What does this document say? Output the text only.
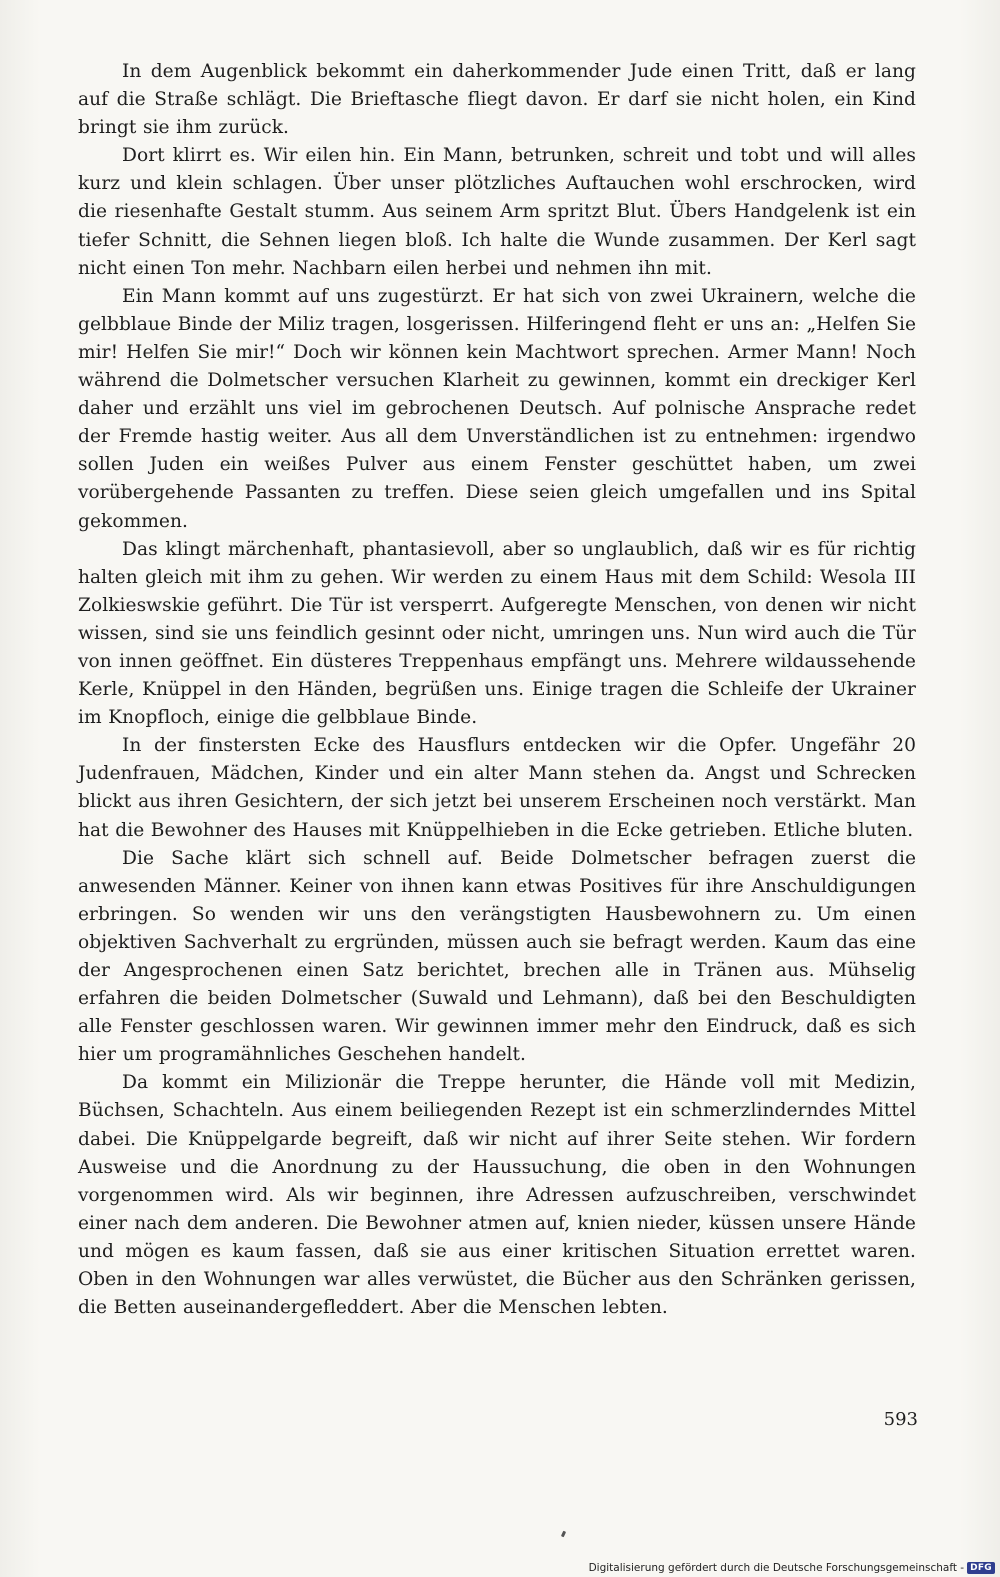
In dem Augenblick bekommt ein daherkommender Jude einen Tritt, daß er lang auf die Straße schlägt. Die Brieftasche fliegt davon. Er darf sie nicht holen, ein Kind bringt sie ihm zurück.

Dort klirrt es. Wir eilen hin. Ein Mann, betrunken, schreit und tobt und will alles kurz und klein schlagen. Über unser plötzliches Auftauchen wohl erschrocken, wird die riesenhafte Gestalt stumm. Aus seinem Arm spritzt Blut. Übers Handgelenk ist ein tiefer Schnitt, die Sehnen liegen bloß. Ich halte die Wunde zusammen. Der Kerl sagt nicht einen Ton mehr. Nachbarn eilen herbei und nehmen ihn mit.

Ein Mann kommt auf uns zugestürzt. Er hat sich von zwei Ukrainern, welche die gelbblaue Binde der Miliz tragen, losgerissen. Hilferingend fleht er uns an: „Helfen Sie mir! Helfen Sie mir!“ Doch wir können kein Machtwort sprechen. Armer Mann! Noch während die Dolmetscher versuchen Klarheit zu gewinnen, kommt ein dreckiger Kerl daher und erzählt uns viel im gebrochenen Deutsch. Auf polnische Ansprache redet der Fremde hastig weiter. Aus all dem Unverständlichen ist zu entnehmen: irgendwo sollen Juden ein weißes Pulver aus einem Fenster geschüttet haben, um zwei vorübergehende Passanten zu treffen. Diese seien gleich umgefallen und ins Spital gekommen.

Das klingt märchenhaft, phantasievoll, aber so unglaublich, daß wir es für richtig halten gleich mit ihm zu gehen. Wir werden zu einem Haus mit dem Schild: Wesola III Zolkieswskie geführt. Die Tür ist versperrt. Aufgeregte Menschen, von denen wir nicht wissen, sind sie uns feindlich gesinnt oder nicht, umringen uns. Nun wird auch die Tür von innen geöffnet. Ein düsteres Treppenhaus empfängt uns. Mehrere wildaussehende Kerle, Knüppel in den Händen, begrüßen uns. Einige tragen die Schleife der Ukrainer im Knopfloch, einige die gelbblaue Binde.

In der finstersten Ecke des Hausflurs entdecken wir die Opfer. Ungefähr 20 Judenfrauen, Mädchen, Kinder und ein alter Mann stehen da. Angst und Schrecken blickt aus ihren Gesichtern, der sich jetzt bei unserem Erscheinen noch verstärkt. Man hat die Bewohner des Hauses mit Knüppelhieben in die Ecke getrieben. Etliche bluten.

Die Sache klärt sich schnell auf. Beide Dolmetscher befragen zuerst die anwesenden Männer. Keiner von ihnen kann etwas Positives für ihre Anschuldigungen erbringen. So wenden wir uns den verängstigten Hausbewohnern zu. Um einen objektiven Sachverhalt zu ergründen, müssen auch sie befragt werden. Kaum das eine der Angesprochenen einen Satz berichtet, brechen alle in Tränen aus. Mühselig erfahren die beiden Dolmetscher (Suwald und Lehmann), daß bei den Beschuldigten alle Fenster geschlossen waren. Wir gewinnen immer mehr den Eindruck, daß es sich hier um programähnliches Geschehen handelt.

Da kommt ein Milizionär die Treppe herunter, die Hände voll mit Medizin, Büchsen, Schachteln. Aus einem beiliegenden Rezept ist ein schmerzlinderndes Mittel dabei. Die Knüppelgarde begreift, daß wir nicht auf ihrer Seite stehen. Wir fordern Ausweise und die Anordnung zu der Haussuchung, die oben in den Wohnungen vorgenommen wird. Als wir beginnen, ihre Adressen aufzuschreiben, verschwindet einer nach dem anderen. Die Bewohner atmen auf, knien nieder, küssen unsere Hände und mögen es kaum fassen, daß sie aus einer kritischen Situation errettet waren. Oben in den Wohnungen war alles verwüstet, die Bücher aus den Schränken gerissen, die Betten auseinandergefleddert. Aber die Menschen lebten.

593
Digitalisierung gefördert durch die Deutsche Forschungsgemeinschaft - DFG
